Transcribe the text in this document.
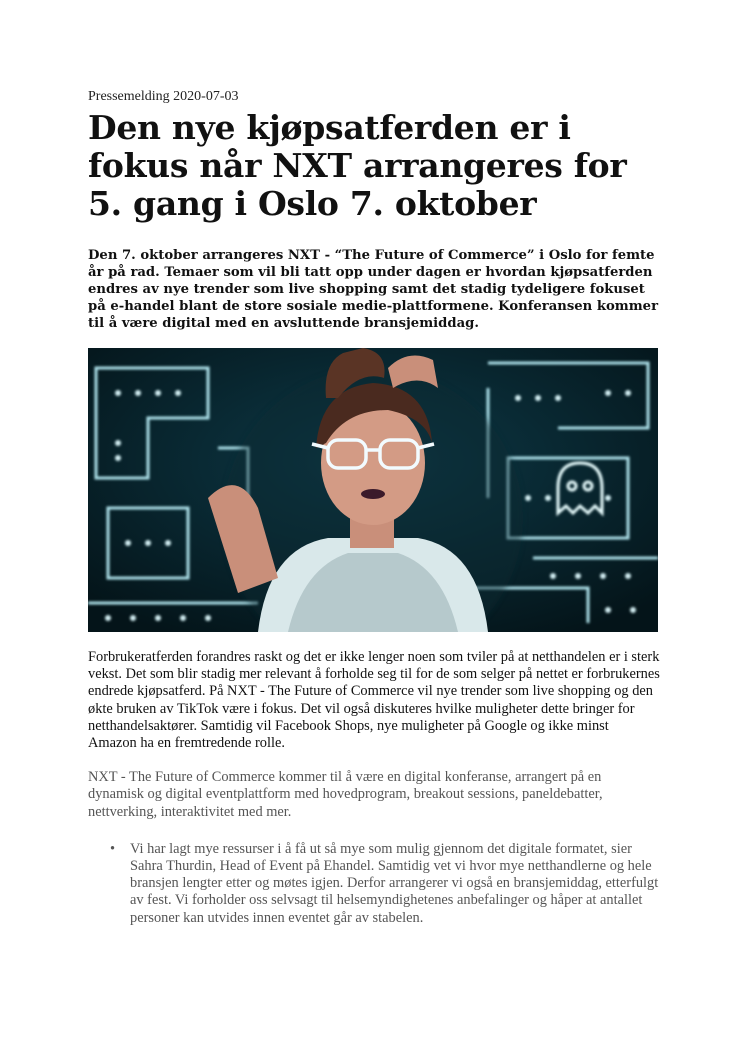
Pressemelding 2020-07-03

Den nye kjøpsatferden er i fokus når NXT arrangeres for 5. gang i Oslo 7. oktober

Den 7. oktober arrangeres NXT - “The Future of Commerce” i Oslo for femte år på rad. Temaer som vil bli tatt opp under dagen er hvordan kjøpsatferden endres av nye trender som live shopping samt det stadig tydeligere fokuset på e-handel blant de store sosiale medie-plattformene. Konferansen kommer til å være digital med en avsluttende bransjemiddag.

Forbrukeratferden forandres raskt og det er ikke lenger noen som tviler på at netthandelen er i sterk vekst. Det som blir stadig mer relevant å forholde seg til for de som selger på nettet er forbrukernes endrede kjøpsatferd. På NXT - The Future of Commerce vil nye trender som live shopping og den økte bruken av TikTok være i fokus. Det vil også diskuteres hvilke muligheter dette bringer for netthandelsaktører. Samtidig vil Facebook Shops, nye muligheter på Google og ikke minst Amazon ha en fremtredende rolle.

NXT - The Future of Commerce kommer til å være en digital konferanse, arrangert på en dynamisk og digital eventplattform med hovedprogram, breakout sessions, paneldebatter, nettverking, interaktivitet med mer.

•	Vi har lagt mye ressurser i å få ut så mye som mulig gjennom det digitale formatet, sier Sahra Thurdin, Head of Event på Ehandel. Samtidig vet vi hvor mye netthandlerne og hele bransjen lengter etter og møtes igjen. Derfor arrangerer vi også en bransjemiddag, etterfulgt av fest. Vi forholder oss selvsagt til helsemyndighetenes anbefalinger og håper at antallet personer kan utvides innen eventet går av stabelen.
